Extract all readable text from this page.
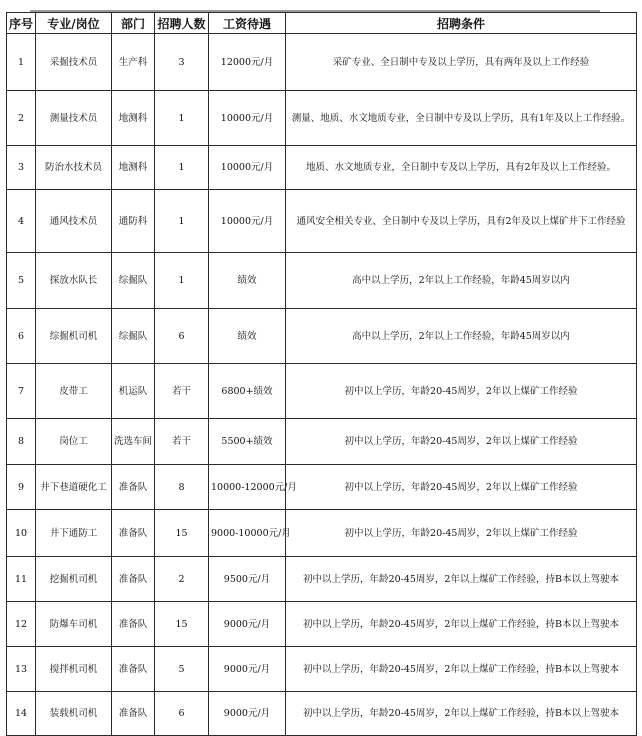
序号	专业/岗位	部门	招聘人数	工资待遇	招聘条件
1	采掘技术员	生产科	3	12000元/月	采矿专业、全日制中专及以上学历，具有两年及以上工作经验
2	测量技术员	地测科	1	10000元/月	测量、地质、水文地质专业，全日制中专及以上学历，具有1年及以上工作经验。
3	防治水技术员	地测科	1	10000元/月	地质、水文地质专业，全日制中专及以上学历，具有2年及以上工作经验。
4	通风技术员	通防科	1	10000元/月	通风安全相关专业、全日制中专及以上学历，具有2年及以上煤矿井下工作经验
5	探放水队长	综掘队	1	绩效	高中以上学历，2年以上工作经验，年龄45周岁以内
6	综掘机司机	综掘队	6	绩效	高中以上学历，2年以上工作经验，年龄45周岁以内
7	皮带工	机运队	若干	6800+绩效	初中以上学历，年龄20-45周岁，2年以上煤矿工作经验
8	岗位工	洗选车间	若干	5500+绩效	初中以上学历，年龄20-45周岁，2年以上煤矿工作经验
9	井下巷道硬化工	准备队	8	10000-12000元/月	初中以上学历，年龄20-45周岁，2年以上煤矿工作经验
10	井下通防工	准备队	15	9000-10000元/月	初中以上学历，年龄20-45周岁，2年以上煤矿工作经验
11	挖掘机司机	准备队	2	9500元/月	初中以上学历，年龄20-45周岁，2年以上煤矿工作经验，持B本以上驾驶本
12	防爆车司机	准备队	15	9000元/月	初中以上学历，年龄20-45周岁，2年以上煤矿工作经验，持B本以上驾驶本
13	搅拌机司机	准备队	5	9000元/月	初中以上学历，年龄20-45周岁，2年以上煤矿工作经验，持B本以上驾驶本
14	装载机司机	准备队	6	9000元/月	初中以上学历，年龄20-45周岁，2年以上煤矿工作经验，持B本以上驾驶本
